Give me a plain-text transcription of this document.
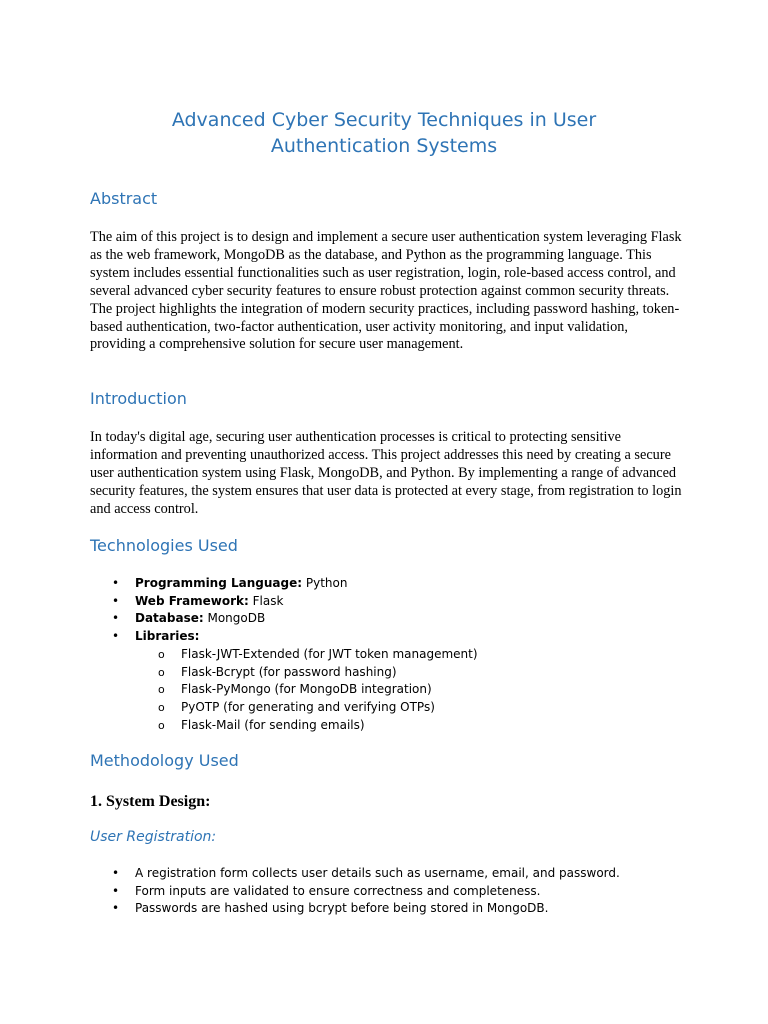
Advanced Cyber Security Techniques in User
Authentication Systems
Abstract

The aim of this project is to design and implement a secure user authentication system leveraging Flask as the web framework, MongoDB as the database, and Python as the programming language. This system includes essential functionalities such as user registration, login, role-based access control, and several advanced cyber security features to ensure robust protection against common security threats. The project highlights the integration of modern security practices, including password hashing, token-based authentication, two-factor authentication, user activity monitoring, and input validation, providing a comprehensive solution for secure user management.

Introduction

In today's digital age, securing user authentication processes is critical to protecting sensitive information and preventing unauthorized access. This project addresses this need by creating a secure user authentication system using Flask, MongoDB, and Python. By implementing a range of advanced security features, the system ensures that user data is protected at every stage, from registration to login and access control.

Technologies Used
• Programming Language: Python
• Web Framework: Flask
• Database: MongoDB
• Libraries:
o Flask-JWT-Extended (for JWT token management)
o Flask-Bcrypt (for password hashing)
o Flask-PyMongo (for MongoDB integration)
o PyOTP (for generating and verifying OTPs)
o Flask-Mail (for sending emails)
Methodology Used
1. System Design:
User Registration:
• A registration form collects user details such as username, email, and password.
• Form inputs are validated to ensure correctness and completeness.
• Passwords are hashed using bcrypt before being stored in MongoDB.
